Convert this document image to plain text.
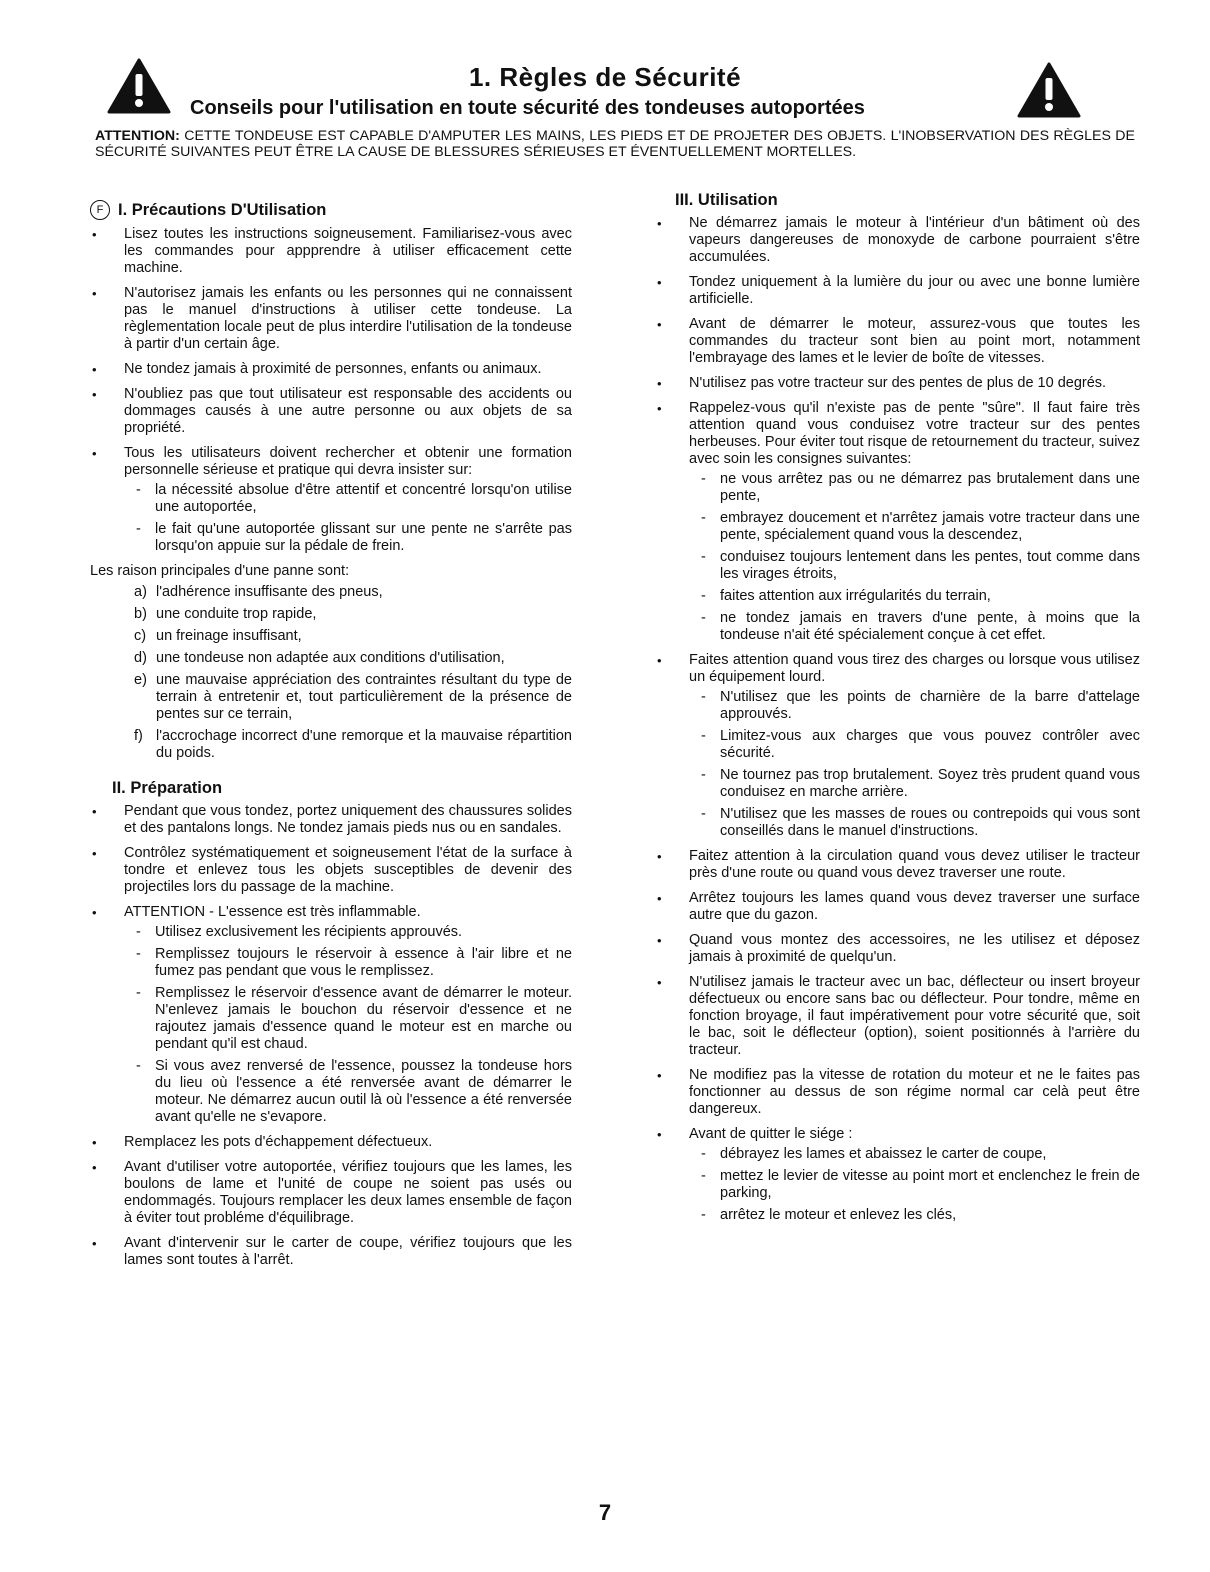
1. Règles de Sécurité
Conseils pour l'utilisation en toute sécurité des tondeuses autoportées
ATTENTION: CETTE TONDEUSE EST CAPABLE D'AMPUTER LES MAINS, LES PIEDS ET DE PROJETER DES OBJETS. L'INOBSERVATION DES RÈGLES DE SÉCURITÉ SUIVANTES PEUT ÊTRE LA CAUSE DE BLESSURES SÉRIEUSES ET ÉVENTUELLEMENT MORTELLES.
F I. Précautions D'Utilisation
• Lisez toutes les instructions soigneusement. Familiarisez-vous avec les commandes pour appprendre à utiliser efficacement cette machine.
• N'autorisez jamais les enfants ou les personnes qui ne connaissent pas le manuel d'instructions à utiliser cette tondeuse. La règlementation locale peut de plus interdire l'utilisation de la tondeuse à partir d'un certain âge.
• Ne tondez jamais à proximité de personnes, enfants ou animaux.
• N'oubliez pas que tout utilisateur est responsable des accidents ou dommages causés à une autre personne ou aux objets de sa propriété.
• Tous les utilisateurs doivent rechercher et obtenir une formation personnelle sérieuse et pratique qui devra insister sur:
- la nécessité absolue d'être attentif et concentré lorsqu'on utilise une autoportée,
- le fait qu'une autoportée glissant sur une pente ne s'arrête pas lorsqu'on appuie sur la pédale de frein.

Les raison principales d'une panne sont:

a) l'adhérence insuffisante des pneus,
b) une conduite trop rapide,
c) un freinage insuffisant,
d) une tondeuse non adaptée aux conditions d'utilisation,
e) une mauvaise appréciation des contraintes résultant du type de terrain à entretenir et, tout particulièrement de la présence de pentes sur ce terrain,
f) l'accrochage incorrect d'une remorque et la mauvaise répartition du poids.
II. Préparation
• Pendant que vous tondez, portez uniquement des chaussures solides et des pantalons longs. Ne tondez jamais pieds nus ou en sandales.
• Contrôlez systématiquement et soigneusement l'état de la surface à tondre et enlevez tous les objets susceptibles de devenir des projectiles lors du passage de la machine.
• ATTENTION - L'essence est très inflammable.
- Utilisez exclusivement les récipients approuvés.
- Remplissez toujours le réservoir à essence à l'air libre et ne fumez pas pendant que vous le remplissez.
- Remplissez le réservoir d'essence avant de démarrer le moteur. N'enlevez jamais le bouchon du réservoir d'essence et ne rajoutez jamais d'essence quand le moteur est en marche ou pendant qu'il est chaud.
- Si vous avez renversé de l'essence, poussez la tondeuse hors du lieu où l'essence a été renversée avant de démarrer le moteur. Ne démarrez aucun outil là où l'essence a été renversée avant qu'elle ne s'evapore.
• Remplacez les pots d'échappement défectueux.
• Avant d'utiliser votre autoportée, vérifiez toujours que les lames, les boulons de lame et l'unité de coupe ne soient pas usés ou endommagés. Toujours remplacer les deux lames ensemble de façon à éviter tout probléme d'équilibrage.
• Avant d'intervenir sur le carter de coupe, vérifiez toujours que les lames sont toutes à l'arrêt.
III. Utilisation
• Ne démarrez jamais le moteur à l'intérieur d'un bâtiment où des vapeurs dangereuses de monoxyde de carbone pourraient s'être accumulées.
• Tondez uniquement à la lumière du jour ou avec une bonne lumière artificielle.
• Avant de démarrer le moteur, assurez-vous que toutes les commandes du tracteur sont bien au point mort, notamment l'embrayage des lames et le levier de boîte de vitesses.
• N'utilisez pas votre tracteur sur des pentes de plus de 10 degrés.
• Rappelez-vous qu'il n'existe pas de pente "sûre". Il faut faire très attention quand vous conduisez votre tracteur sur des pentes herbeuses. Pour éviter tout risque de retournement du tracteur, suivez avec soin les consignes suivantes:
- ne vous arrêtez pas ou ne démarrez pas brutalement dans une pente,
- embrayez doucement et n'arrêtez jamais votre tracteur dans une pente, spécialement quand vous la descendez,
- conduisez toujours lentement dans les pentes, tout comme dans les virages étroits,
- faites attention aux irrégularités du terrain,
- ne tondez jamais en travers d'une pente, à moins que la tondeuse n'ait été spécialement conçue à cet effet.
• Faites attention quand vous tirez des charges ou lorsque vous utilisez un équipement lourd.
- N'utilisez que les points de charnière de la barre d'attelage approuvés.
- Limitez-vous aux charges que vous pouvez contrôler avec sécurité.
- Ne tournez pas trop brutalement. Soyez très prudent quand vous conduisez en marche arrière.
- N'utilisez que les masses de roues ou contrepoids qui vous sont conseillés dans le manuel d'instructions.
• Faitez attention à la circulation quand vous devez utiliser le tracteur près d'une route ou quand vous devez traverser une route.
• Arrêtez toujours les lames quand vous devez traverser une surface autre que du gazon.
• Quand vous montez des accessoires, ne les utilisez et déposez jamais à proximité de quelqu'un.
• N'utilisez jamais le tracteur avec un bac, déflecteur ou insert broyeur défectueux ou encore sans bac ou déflecteur. Pour tondre, même en fonction broyage, il faut impérativement pour votre sécurité que, soit le bac, soit le déflecteur (option), soient positionnés à l'arrière du tracteur.
• Ne modifiez pas la vitesse de rotation du moteur et ne le faites pas fonctionner au dessus de son régime normal car celà peut être dangereux.
• Avant de quitter le siége :
- débrayez les lames et abaissez le carter de coupe,
- mettez le levier de vitesse au point mort et enclenchez le frein de parking,
- arrêtez le moteur et enlevez les clés,
7
